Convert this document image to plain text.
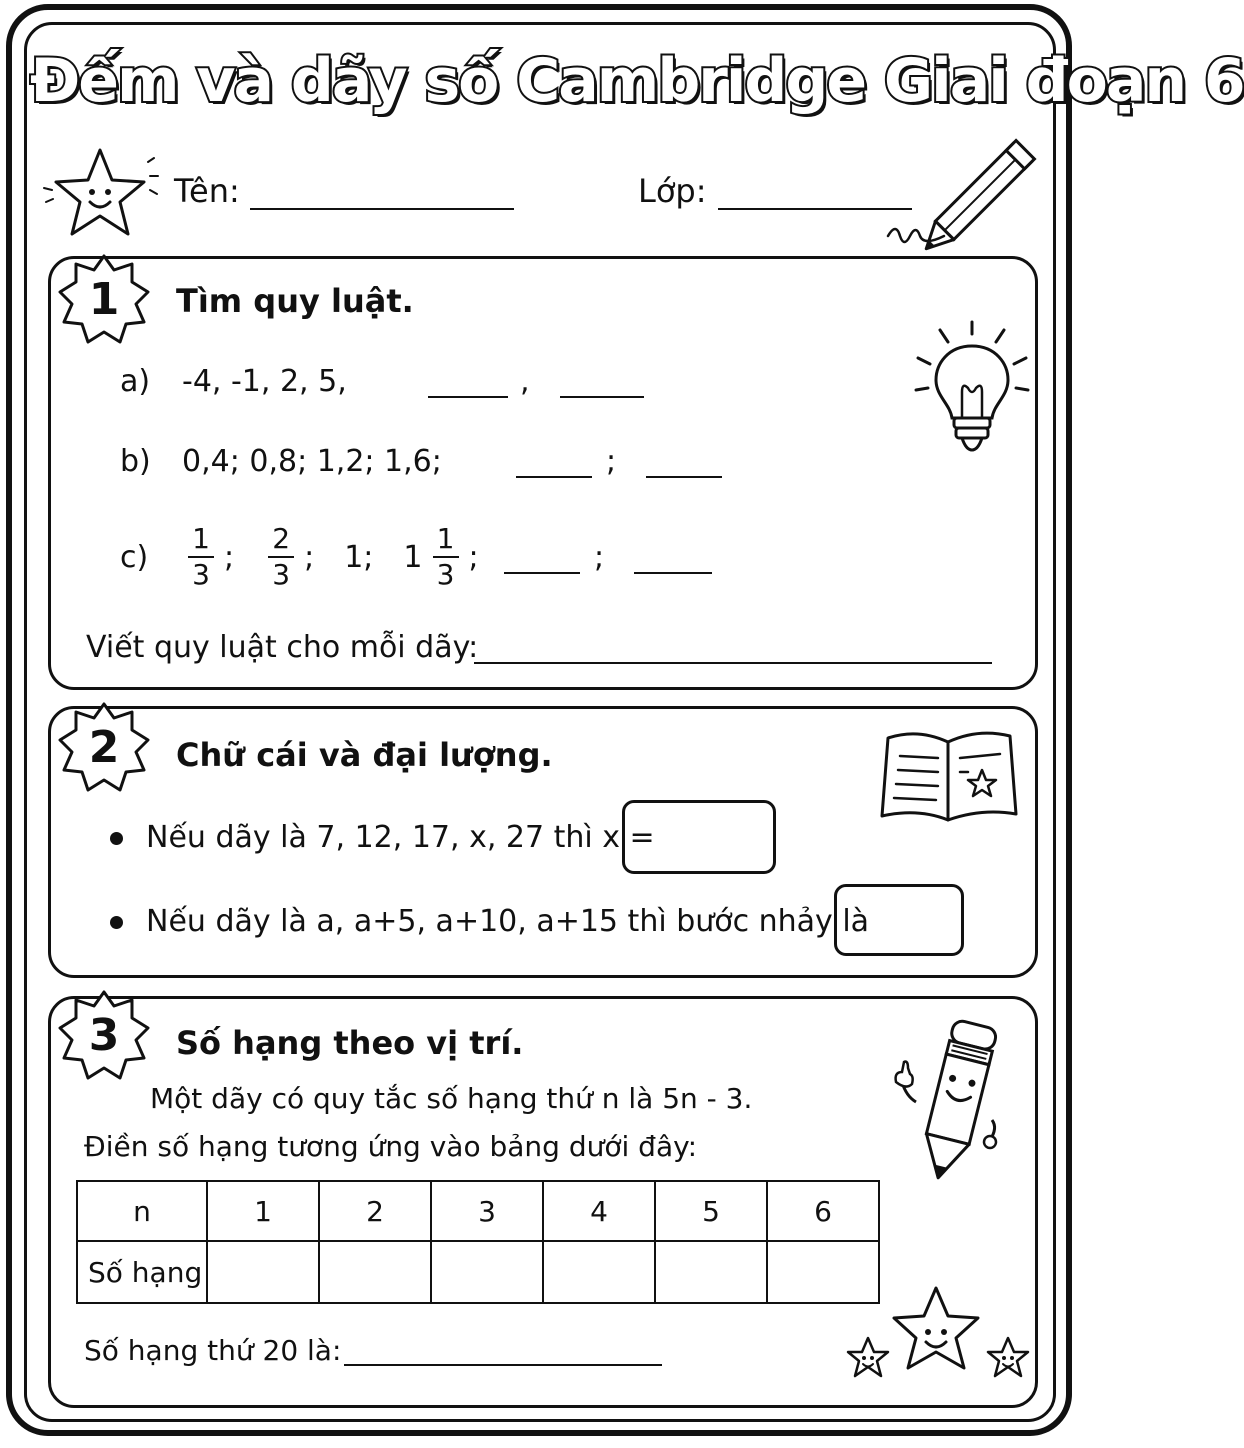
Đếm và dãy số Cambridge Giai đoạn 6
Tên:	Lớp:
1	Tìm quy luật.
a) -4, -1, 2, 5,	,
b) 0,4; 0,8; 1,2; 1,6;	;
$c) \frac{1}{3}$ ; $\frac{2}{3}$ ; 1; $1 \frac{1}{3}$ ;	;
Viết quy luật cho mỗi dãy:
2	Chữ cái và đại lượng.
Nếu dãy là 7, 12, 17, x, 27 thì x =
Nếu dãy là a, a+5, a+10, a+15 thì bước nhảy là
3	Số hạng theo vị trí.
Một dãy có quy tắc số hạng thứ n là 5n - 3.
Điền số hạng tương ứng vào bảng dưới đây:
n	1	2	3	4	5	6
Số hạng						
Số hạng thứ 20 là:
